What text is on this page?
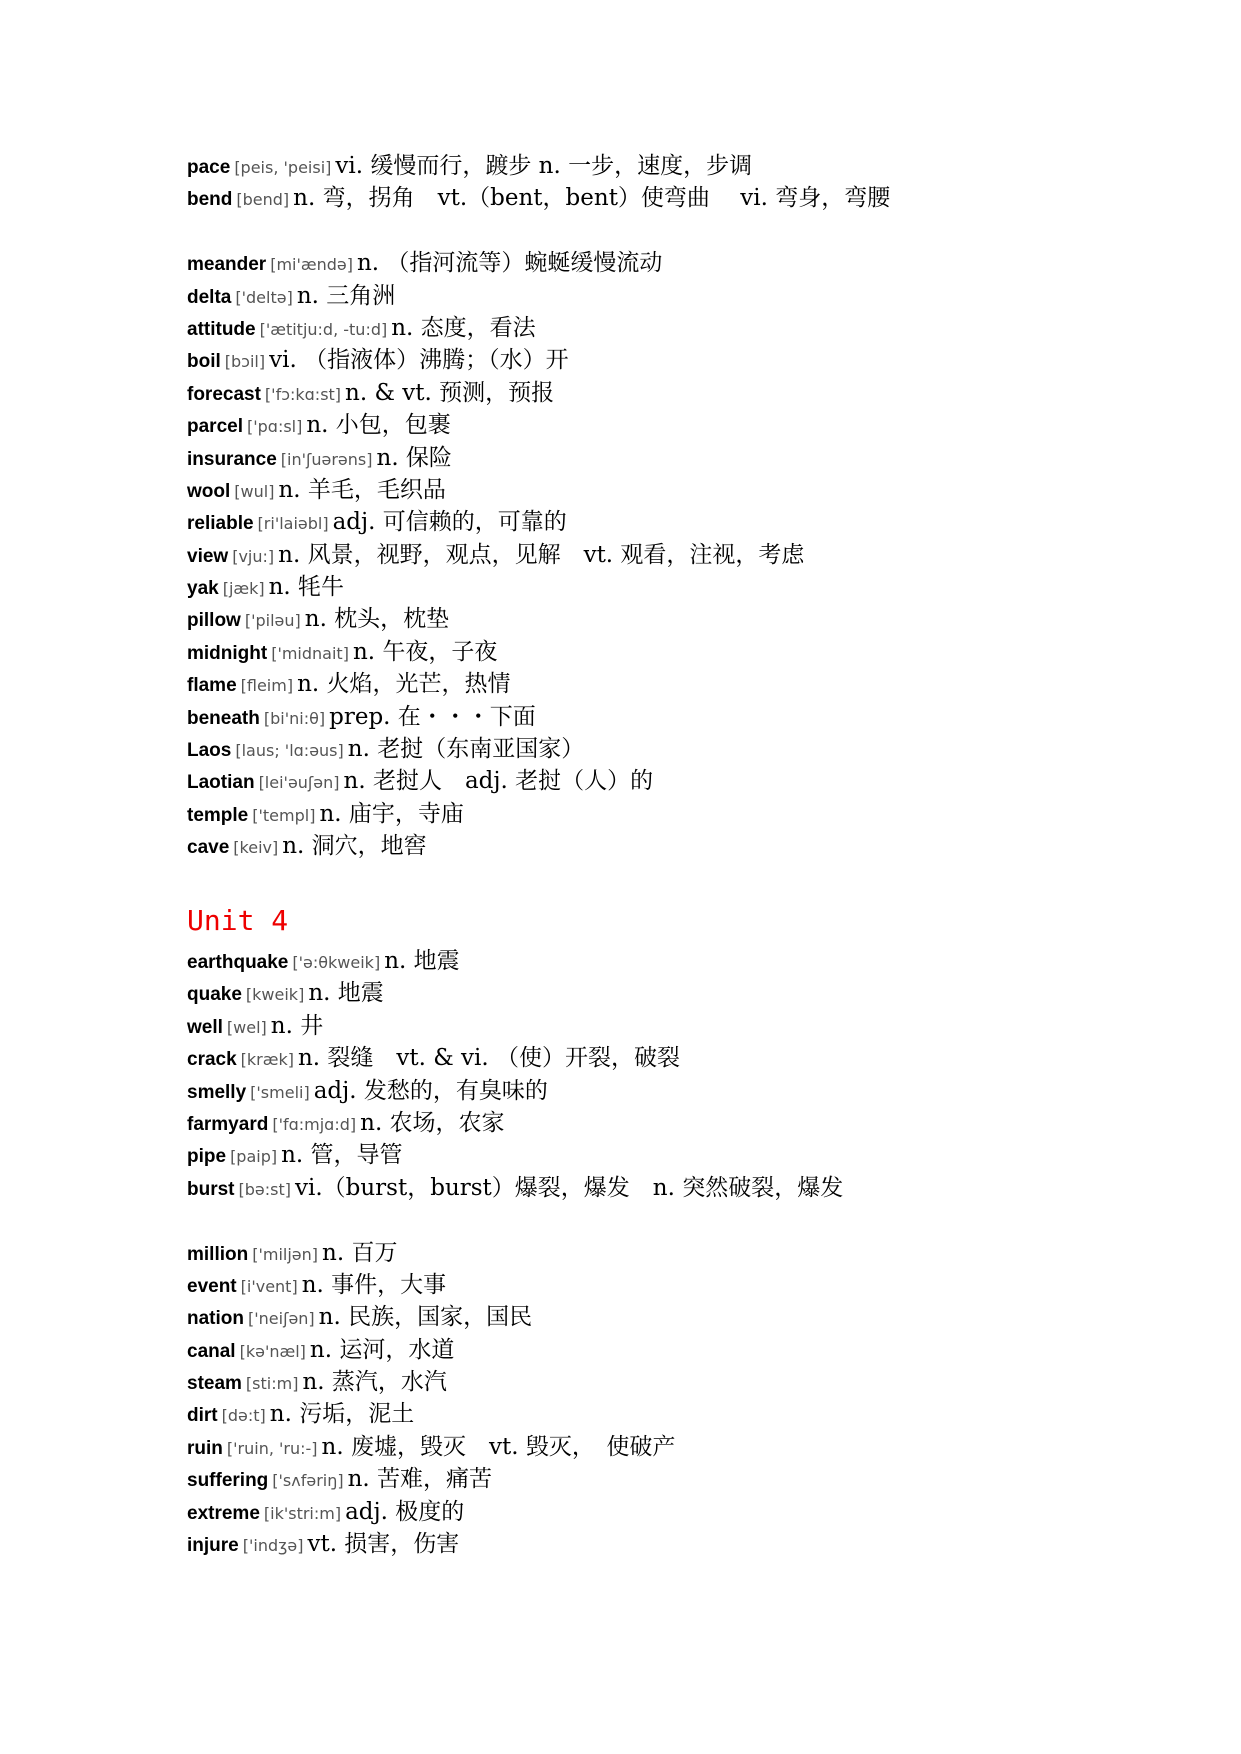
pace [peis, 'peisi] vi. 缓慢而行，踱步 n. 一步，速度，步调
bend [bend] n. 弯，拐角　vt.（bent，bent）使弯曲　 vi. 弯身，弯腰
meander [mi'ændə] n. （指河流等）蜿蜒缓慢流动
delta ['deltə] n. 三角洲
attitude ['ætitju:d, -tu:d] n. 态度，看法
boil [bɔil] vi. （指液体）沸腾；（水）开
forecast ['fɔ:kɑ:st] n. & vt. 预测，预报
parcel ['pɑ:sl] n. 小包，包裹
insurance [in'ʃuərəns] n. 保险
wool [wul] n. 羊毛，毛织品
reliable [ri'laiəbl] adj. 可信赖的，可靠的
view [vju:] n. 风景，视野，观点，见解　vt. 观看，注视，考虑
yak [jæk] n. 牦牛
pillow ['piləu] n. 枕头，枕垫
midnight ['midnait] n. 午夜，子夜
flame [fleim] n. 火焰，光芒，热情
beneath [bi'ni:θ] prep. 在・・・下面
Laos [laus; 'lɑ:əus] n. 老挝（东南亚国家）
Laotian [lei'əuʃən] n. 老挝人　adj. 老挝（人）的
temple ['templ] n. 庙宇，寺庙
cave [keiv] n. 洞穴，地窖
Unit 4
earthquake ['ə:θkweik] n. 地震
quake [kweik] n. 地震
well [wel] n. 井
crack [kræk] n. 裂缝　vt. & vi. （使）开裂，破裂
smelly ['smeli] adj. 发愁的，有臭味的
farmyard ['fɑ:mjɑ:d] n. 农场，农家
pipe [paip] n. 管，导管
burst [bə:st] vi.（burst，burst）爆裂，爆发　n. 突然破裂，爆发
million ['miljən] n. 百万
event [i'vent] n. 事件，大事
nation ['neiʃən] n. 民族，国家，国民
canal [kə'næl] n. 运河，水道
steam [sti:m] n. 蒸汽，水汽
dirt [də:t] n. 污垢，泥土
ruin ['ruin, 'ru:-] n. 废墟，毁灭　vt. 毁灭，　使破产
suffering ['sʌfəriŋ] n. 苦难，痛苦
extreme [ik'stri:m] adj. 极度的
injure ['indʒə] vt. 损害，伤害
